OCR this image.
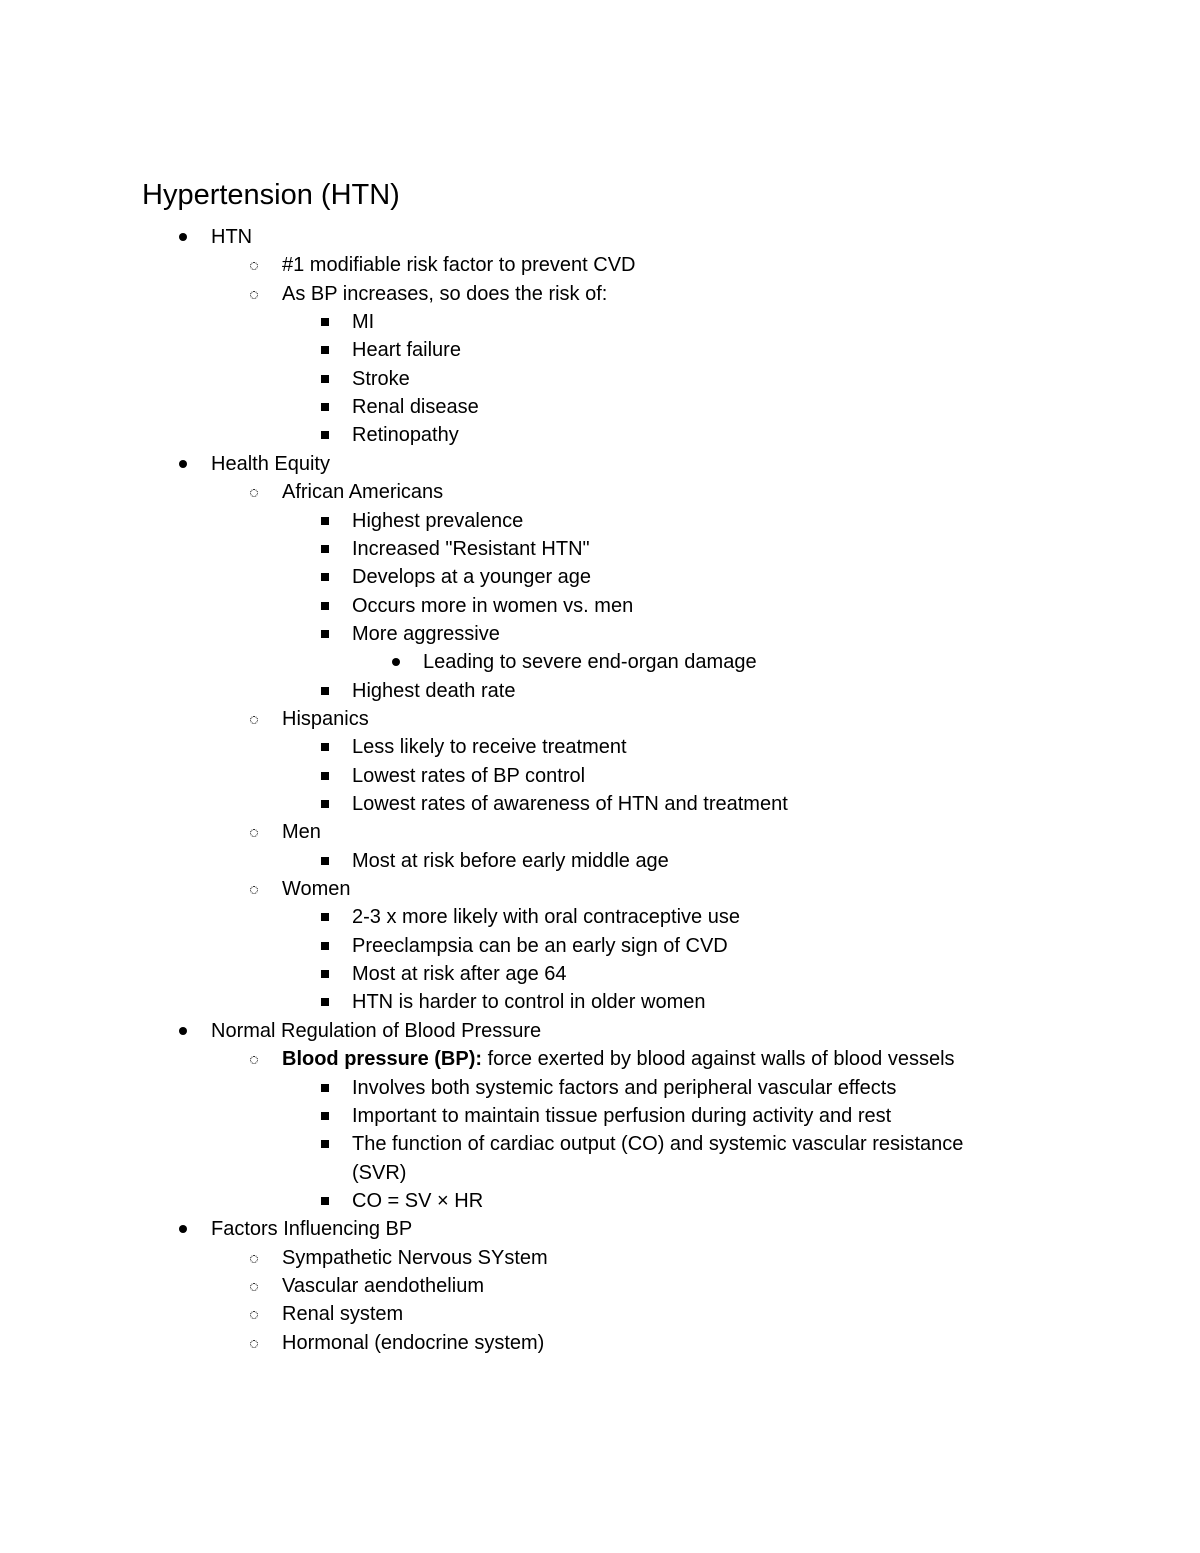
Hypertension (HTN)
HTN
#1 modifiable risk factor to prevent CVD
As BP increases, so does the risk of:
MI
Heart failure
Stroke
Renal disease
Retinopathy
Health Equity
African Americans
Highest prevalence
Increased "Resistant HTN"
Develops at a younger age
Occurs more in women vs. men
More aggressive
Leading to severe end-organ damage
Highest death rate
Hispanics
Less likely to receive treatment
Lowest rates of BP control
Lowest rates of awareness of HTN and treatment
Men
Most at risk before early middle age
Women
2-3 x more likely with oral contraceptive use
Preeclampsia can be an early sign of CVD
Most at risk after age 64
HTN is harder to control in older women
Normal Regulation of Blood Pressure
Blood pressure (BP): force exerted by blood against walls of blood vessels
Involves both systemic factors and peripheral vascular effects
Important to maintain tissue perfusion during activity and rest
The function of cardiac output (CO) and systemic vascular resistance
(SVR)
CO = SV × HR
Factors Influencing BP
Sympathetic Nervous SYstem
Vascular aendothelium
Renal system
Hormonal (endocrine system)
